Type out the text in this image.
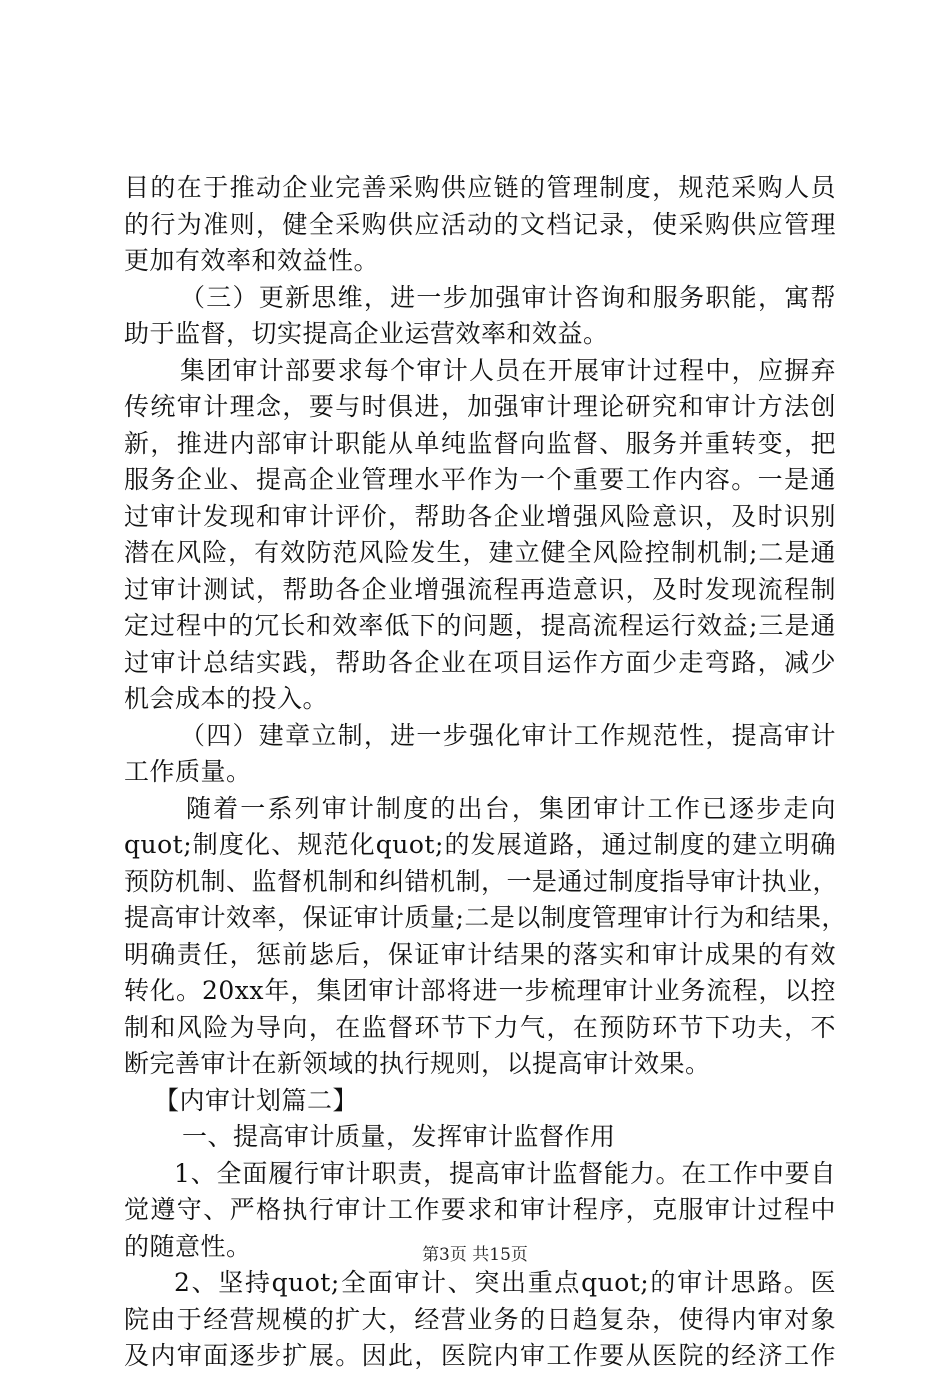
目的在于推动企业完善采购供应链的管理制度，规范采购人员
的行为准则，健全采购供应活动的文档记录，使采购供应管理
更加有效率和效益性。
（三）更新思维，进一步加强审计咨询和服务职能，寓帮
助于监督，切实提高企业运营效率和效益。
集团审计部要求每个审计人员在开展审计过程中，应摒弃
传统审计理念，要与时俱进，加强审计理论研究和审计方法创
新，推进内部审计职能从单纯监督向监督、服务并重转变，把
服务企业、提高企业管理水平作为一个重要工作内容。一是通
过审计发现和审计评价，帮助各企业增强风险意识，及时识别
潜在风险，有效防范风险发生，建立健全风险控制机制;二是通
过审计测试，帮助各企业增强流程再造意识，及时发现流程制
定过程中的冗长和效率低下的问题，提高流程运行效益;三是通
过审计总结实践，帮助各企业在项目运作方面少走弯路，减少
机会成本的投入。
（四）建章立制，进一步强化审计工作规范性，提高审计
工作质量。
随着一系列审计制度的出台，集团审计工作已逐步走向
quot;制度化、规范化quot;的发展道路，通过制度的建立明确
预防机制、监督机制和纠错机制，一是通过制度指导审计执业，
提高审计效率，保证审计质量;二是以制度管理审计行为和结果，
明确责任，惩前毖后，保证审计结果的落实和审计成果的有效
转化。20xx年，集团审计部将进一步梳理审计业务流程，以控
制和风险为导向，在监督环节下力气，在预防环节下功夫，不
断完善审计在新领域的执行规则，以提高审计效果。
【内审计划篇二】
一、提高审计质量，发挥审计监督作用
1、全面履行审计职责，提高审计监督能力。在工作中要自
觉遵守、严格执行审计工作要求和审计程序，克服审计过程中
的随意性。
2、坚持quot;全面审计、突出重点quot;的审计思路。医
院由于经营规模的扩大，经营业务的日趋复杂，使得内审对象
及内审面逐步扩展。因此，医院内审工作要从医院的经济工作
第3页 共15页
